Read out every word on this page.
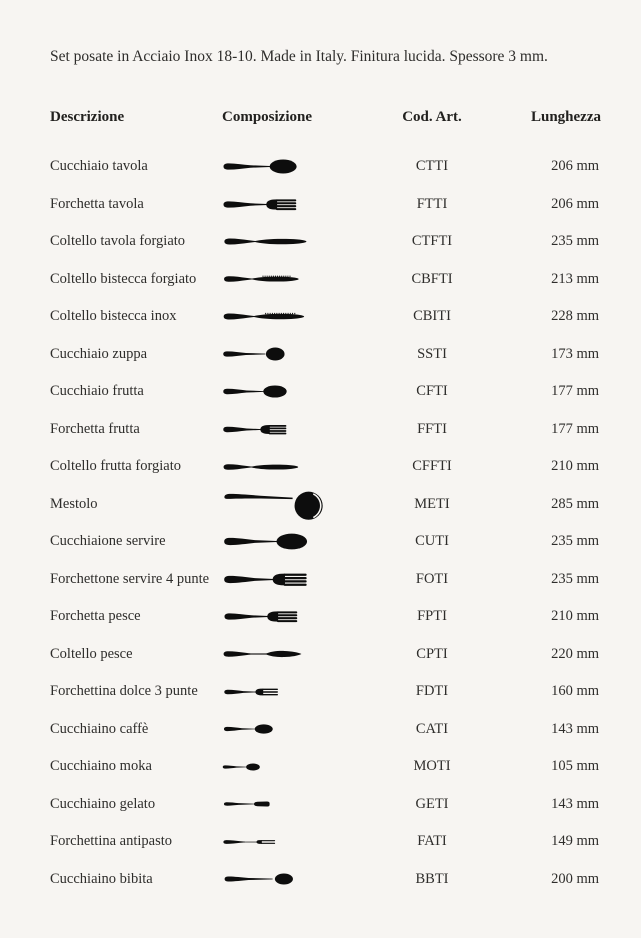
Set posate in Acciaio Inox 18-10. Made in Italy. Finitura lucida. Spessore 3 mm.

Descrizione	Composizione	Cod. Art.	Lunghezza
Cucchiaio tavola	CTTI	206 mm
Forchetta tavola	FTTI	206 mm
Coltello tavola forgiato	CTFTI	235 mm
Coltello bistecca forgiato	CBFTI	213 mm
Coltello bistecca inox	CBITI	228 mm
Cucchiaio zuppa	SSTI	173 mm
Cucchiaio frutta	CFTI	177 mm
Forchetta frutta	FFTI	177 mm
Coltello frutta forgiato	CFFTI	210 mm
Mestolo	METI	285 mm
Cucchiaione servire	CUTI	235 mm
Forchettone servire 4 punte	FOTI	235 mm
Forchetta pesce	FPTI	210 mm
Coltello pesce	CPTI	220 mm
Forchettina dolce 3 punte	FDTI	160 mm
Cucchiaino caffè	CATI	143 mm
Cucchiaino moka	MOTI	105 mm
Cucchiaino gelato	GETI	143 mm
Forchettina antipasto	FATI	149 mm
Cucchiaino bibita	BBTI	200 mm
